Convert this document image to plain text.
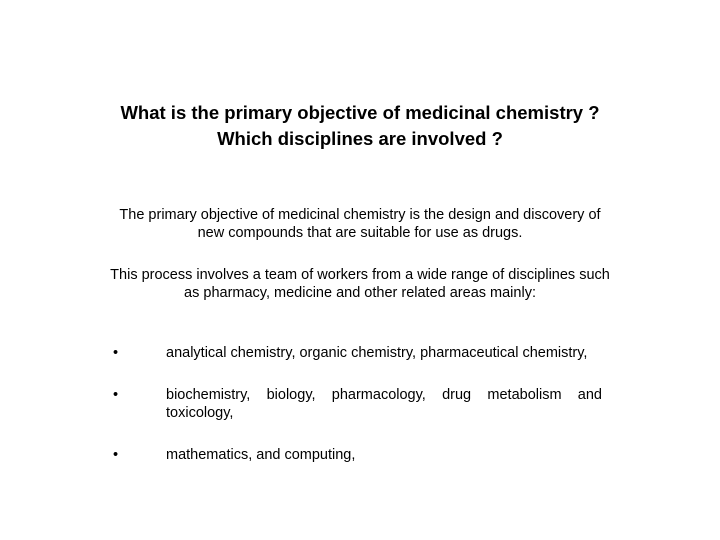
What is the primary objective of medicinal chemistry ?
Which disciplines are involved ?

The primary objective of medicinal chemistry is the design and discovery of new compounds that are suitable for use as drugs.

This process involves a team of workers from a wide range of disciplines such as pharmacy, medicine and other related areas mainly:

•	analytical chemistry, organic chemistry, pharmaceutical chemistry,
•	biochemistry, biology, pharmacology, drug metabolism and toxicology,
•	mathematics, and computing,
